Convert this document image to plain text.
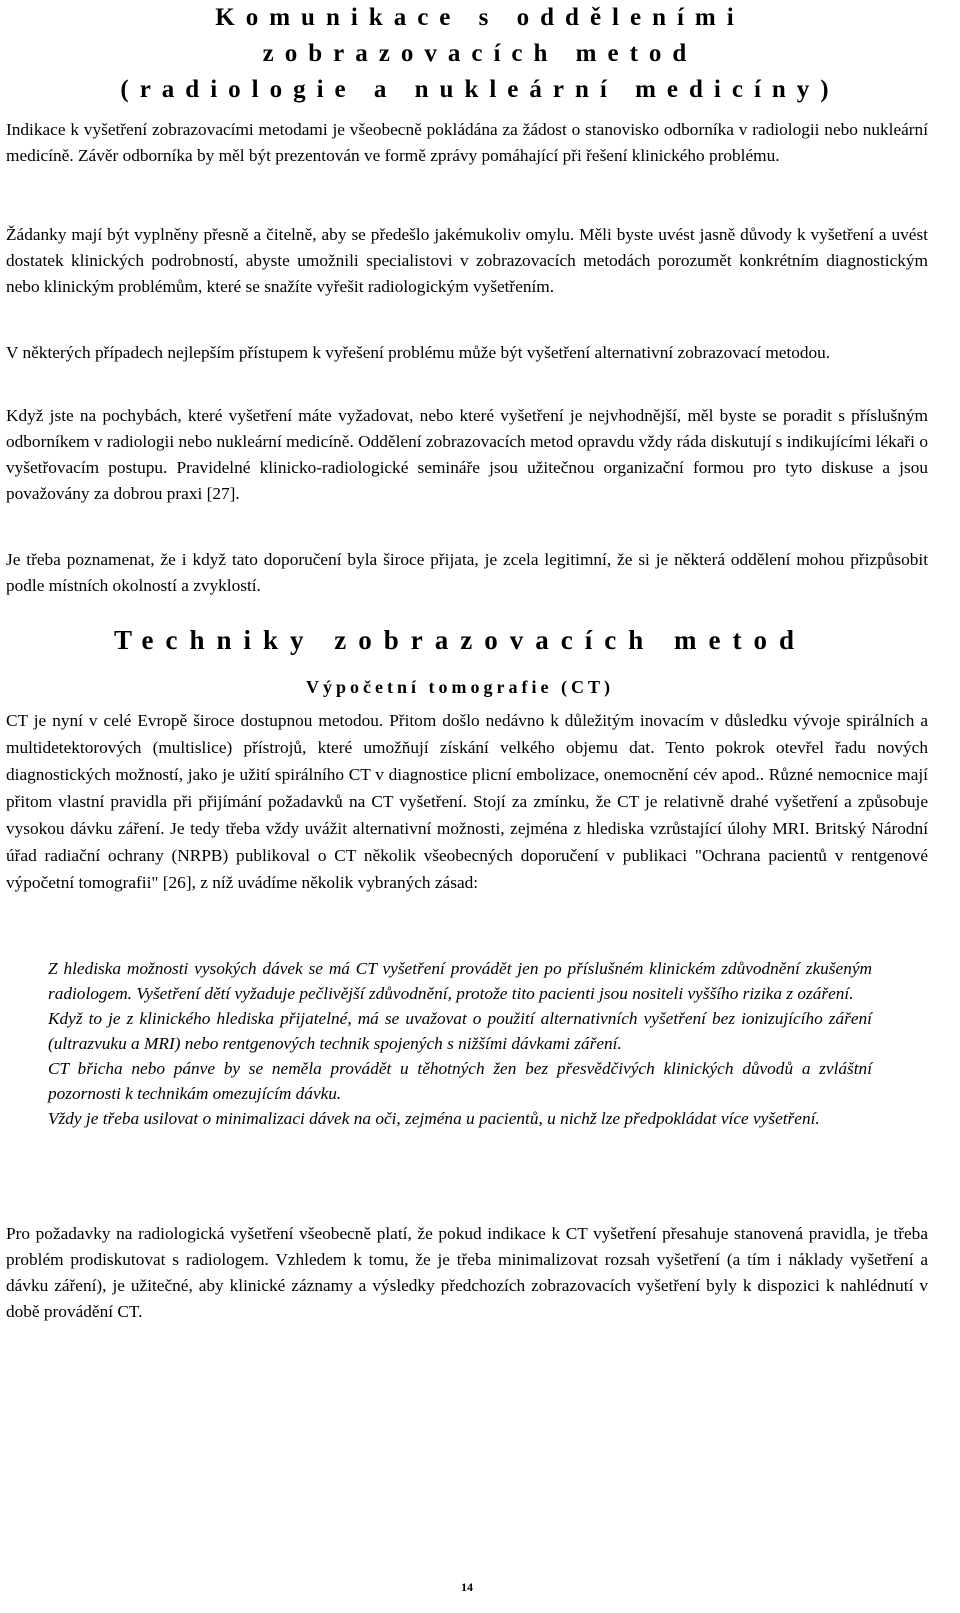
Komunikace s odděleními
zobrazovacích metod
(radiologie a nukleární medicíny)

Indikace k vyšetření zobrazovacími metodami je všeobecně pokládána za žádost o stanovisko odborníka v radiologii nebo nukleární medicíně. Závěr odborníka by měl být prezentován ve formě zprávy pomáhající při řešení klinického problému.

Žádanky mají být vyplněny přesně a čitelně, aby se předešlo jakémukoliv omylu. Měli byste uvést jasně důvody k vyšetření a uvést dostatek klinických podrobností, abyste umožnili specialistovi v zobrazovacích metodách porozumět konkrétním diagnostickým nebo klinickým problémům, které se snažíte vyřešit radiologickým vyšetřením.

V některých případech nejlepším přístupem k vyřešení problému může být vyšetření alternativní zobrazovací metodou.

Když jste na pochybách, které vyšetření máte vyžadovat, nebo které vyšetření je nejvhodnější, měl byste se poradit s příslušným odborníkem v radiologii nebo nukleární medicíně. Oddělení zobrazovacích metod opravdu vždy ráda diskutují s indikujícími lékaři o vyšetřovacím postupu. Pravidelné klinicko-radiologické semináře jsou užitečnou organizační formou pro tyto diskuse a jsou považovány za dobrou praxi [27].

Je třeba poznamenat, že i když tato doporučení byla široce přijata, je zcela legitimní, že si je některá oddělení mohou přizpůsobit podle místních okolností a zvyklostí.

Techniky zobrazovacích metod
Výpočetní tomografie (CT)

CT je nyní v celé Evropě široce dostupnou metodou. Přitom došlo nedávno k důležitým inovacím v důsledku vývoje spirálních a multidetektorových (multislice) přístrojů, které umožňují získání velkého objemu dat. Tento pokrok otevřel řadu nových diagnostických možností, jako je užití spirálního CT v diagnostice plicní embolizace, onemocnění cév apod.. Různé nemocnice mají přitom vlastní pravidla při přijímání požadavků na CT vyšetření. Stojí za zmínku, že CT je relativně drahé vyšetření a způsobuje vysokou dávku záření. Je tedy třeba vždy uvážit alternativní možnosti, zejména z hlediska vzrůstající úlohy MRI. Britský Národní úřad radiační ochrany (NRPB) publikoval o CT několik všeobecných doporučení v publikaci "Ochrana pacientů v rentgenové výpočetní tomografii" [26], z níž uvádíme několik vybraných zásad:

Z hlediska možnosti vysokých dávek se má CT vyšetření provádět jen po příslušném klinickém zdůvodnění zkušeným radiologem. Vyšetření dětí vyžaduje pečlivější zdůvodnění, protože tito pacienti jsou nositeli vyššího rizika z ozáření.

Když to je z klinického hlediska přijatelné, má se uvažovat o použití alternativních vyšetření bez ionizujícího záření (ultrazvuku a MRI) nebo rentgenových technik spojených s nižšími dávkami záření.

CT břicha nebo pánve by se neměla provádět u těhotných žen bez přesvědčivých klinických důvodů a zvláštní pozornosti k technikám omezujícím dávku.

Vždy je třeba usilovat o minimalizaci dávek na oči, zejména u pacientů, u nichž lze předpokládat více vyšetření.

Pro požadavky na radiologická vyšetření všeobecně platí, že pokud indikace k CT vyšetření přesahuje stanovená pravidla, je třeba problém prodiskutovat s radiologem. Vzhledem k tomu, že je třeba minimalizovat rozsah vyšetření (a tím i náklady vyšetření a dávku záření), je užitečné, aby klinické záznamy a výsledky předchozích zobrazovacích vyšetření byly k dispozici k nahlédnutí v době provádění CT.

14
